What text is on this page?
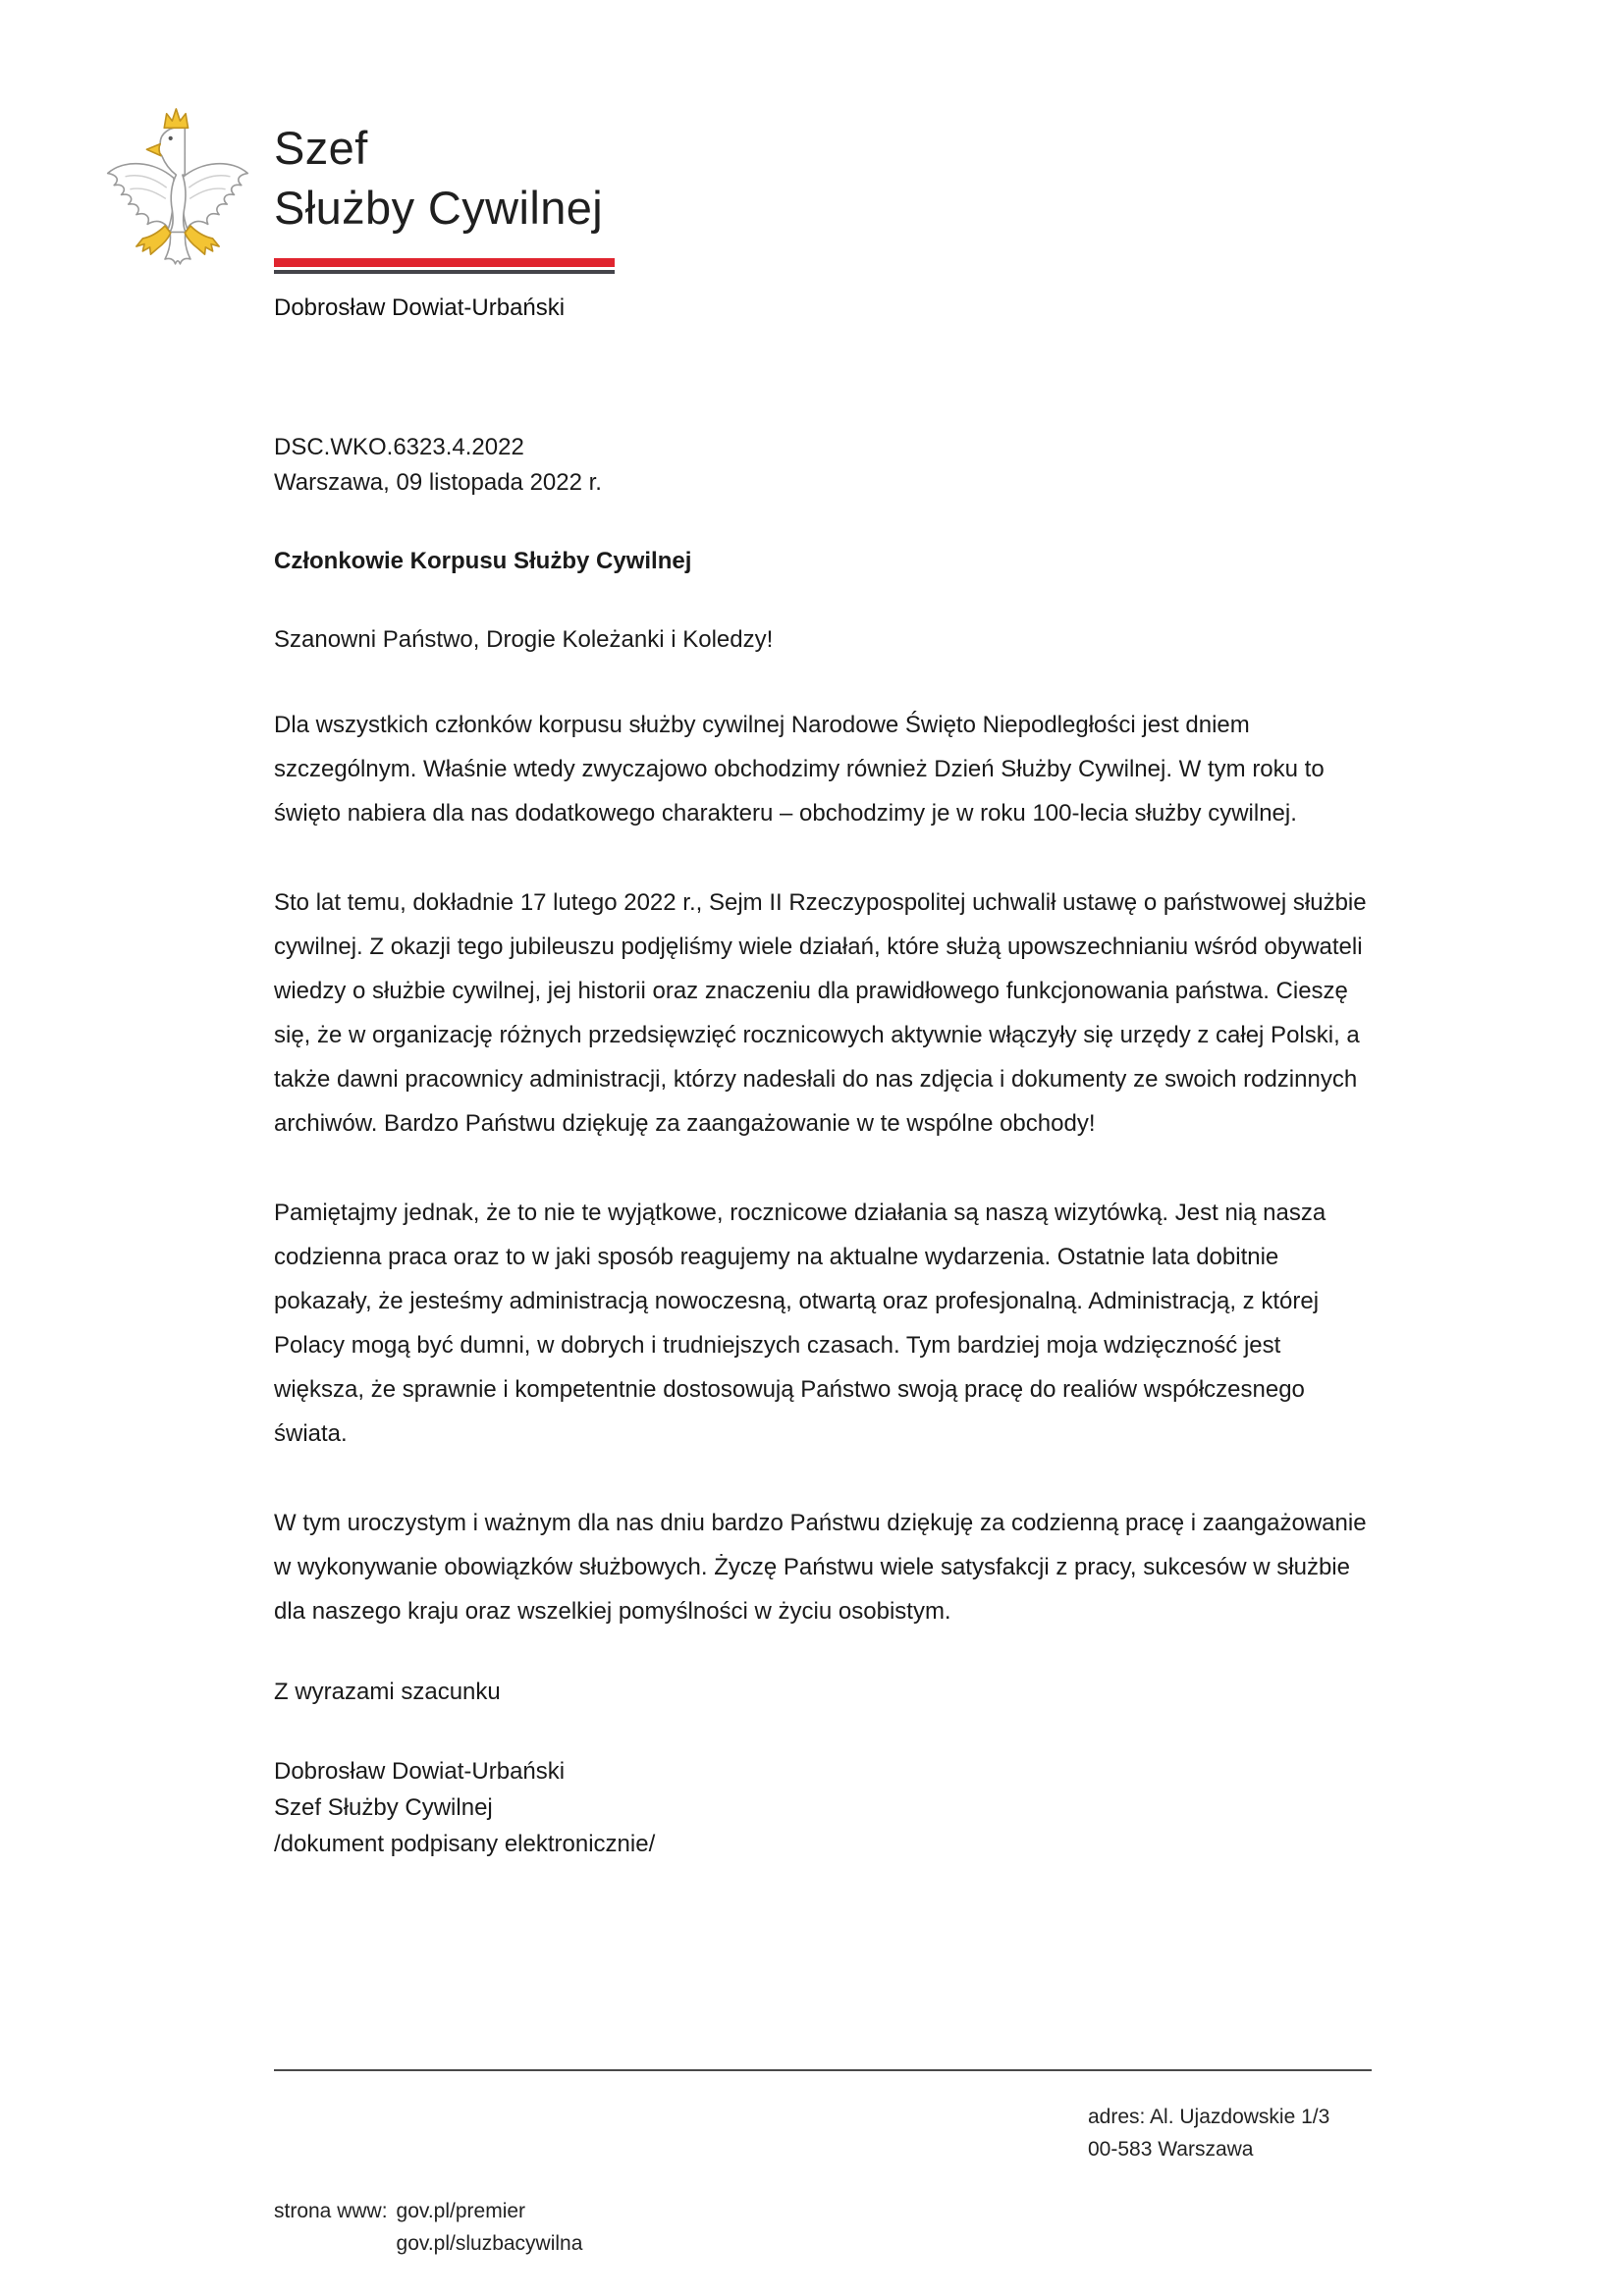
Szef
Służby Cywilnej
Dobrosław Dowiat-Urbański
DSC.WKO.6323.4.2022
Warszawa, 09 listopada 2022 r.
Członkowie Korpusu Służby Cywilnej
Szanowni Państwo, Drogie Koleżanki i Koledzy!

Dla wszystkich członków korpusu służby cywilnej Narodowe Święto Niepodległości jest dniem szczególnym. Właśnie wtedy zwyczajowo obchodzimy również Dzień Służby Cywilnej. W tym roku to święto nabiera dla nas dodatkowego charakteru – obchodzimy je w roku 100-lecia służby cywilnej.

Sto lat temu, dokładnie 17 lutego 2022 r., Sejm II Rzeczypospolitej uchwalił ustawę o państwowej służbie cywilnej. Z okazji tego jubileuszu podjęliśmy wiele działań, które służą upowszechnianiu wśród obywateli wiedzy o służbie cywilnej, jej historii oraz znaczeniu dla prawidłowego funkcjonowania państwa. Cieszę się, że w organizację różnych przedsięwzięć rocznicowych aktywnie włączyły się urzędy z całej Polski, a także dawni pracownicy administracji, którzy nadesłali do nas zdjęcia i dokumenty ze swoich rodzinnych archiwów. Bardzo Państwu dziękuję za zaangażowanie w te wspólne obchody!

Pamiętajmy jednak, że to nie te wyjątkowe, rocznicowe działania są naszą wizytówką. Jest nią nasza codzienna praca oraz to w jaki sposób reagujemy na aktualne wydarzenia. Ostatnie lata dobitnie pokazały, że jesteśmy administracją nowoczesną, otwartą oraz profesjonalną. Administracją, z której Polacy mogą być dumni, w dobrych i trudniejszych czasach. Tym bardziej moja wdzięczność jest większa, że sprawnie i kompetentnie dostosowują Państwo swoją pracę do realiów współczesnego świata.

W tym uroczystym i ważnym dla nas dniu bardzo Państwu dziękuję za codzienną pracę i zaangażowanie w wykonywanie obowiązków służbowych. Życzę Państwu wiele satysfakcji z pracy, sukcesów w służbie dla naszego kraju oraz wszelkiej pomyślności w życiu osobistym.

Z wyrazami szacunku
Dobrosław Dowiat-Urbański
Szef Służby Cywilnej
/dokument podpisany elektronicznie/
adres: Al. Ujazdowskie 1/3
00-583 Warszawa
strona www: gov.pl/premier
gov.pl/sluzbacywilna
